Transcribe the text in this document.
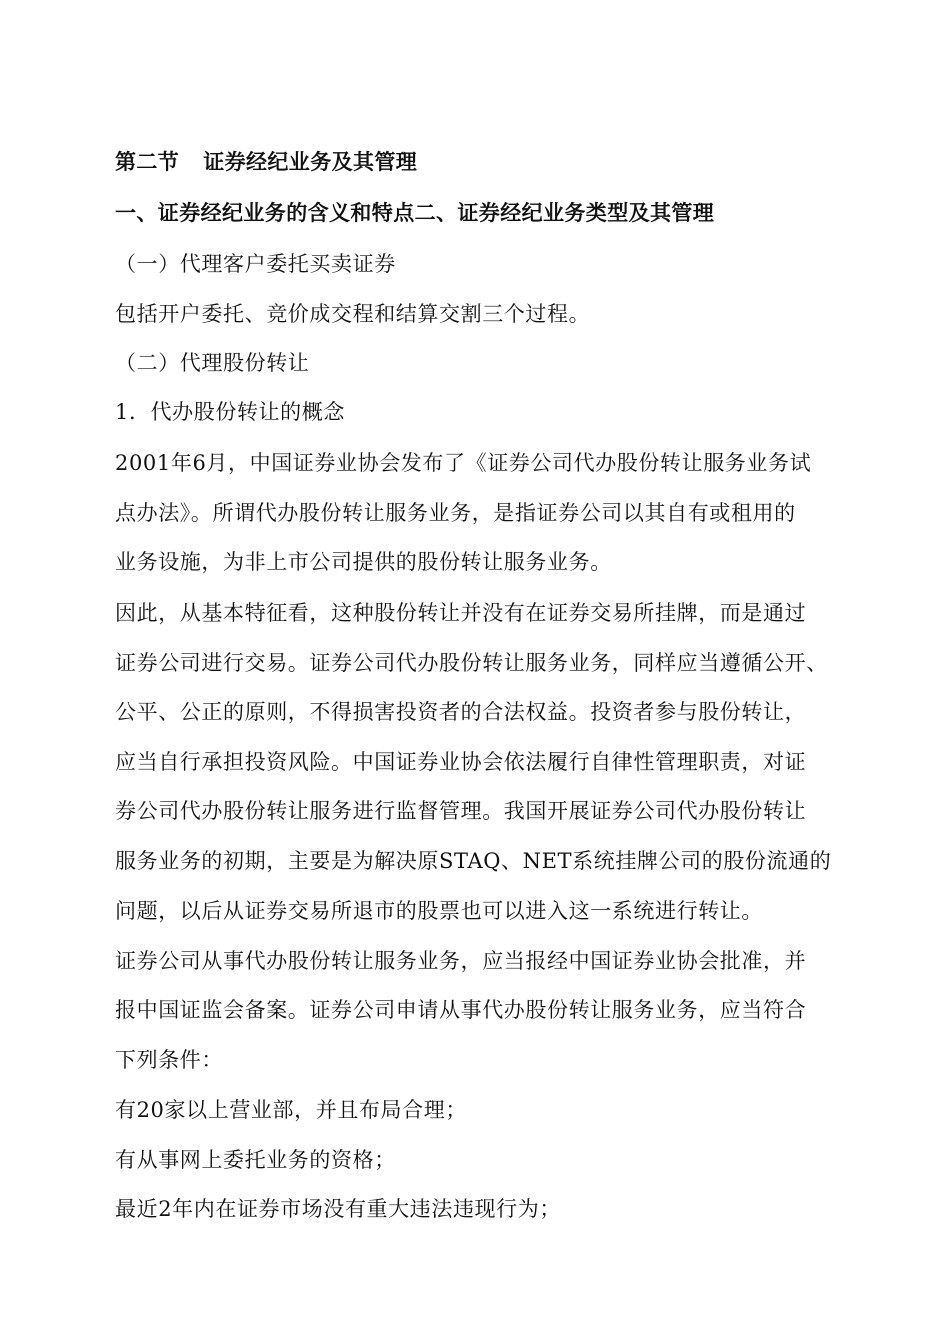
第二节 证券经纪业务及其管理
一、证券经纪业务的含义和特点二、证券经纪业务类型及其管理
（一）代理客户委托买卖证券
包括开户委托、竞价成交程和结算交割三个过程。
（二）代理股份转让
1．代办股份转让的概念
2001年6月，中国证券业协会发布了《证券公司代办股份转让服务业务试
点办法》。所谓代办股份转让服务业务，是指证券公司以其自有或租用的
业务设施，为非上市公司提供的股份转让服务业务。
因此，从基本特征看，这种股份转让并没有在证券交易所挂牌，而是通过
证券公司进行交易。证券公司代办股份转让服务业务，同样应当遵循公开、
公平、公正的原则，不得损害投资者的合法权益。投资者参与股份转让，
应当自行承担投资风险。中国证券业协会依法履行自律性管理职责，对证
券公司代办股份转让服务进行监督管理。我国开展证券公司代办股份转让
服务业务的初期，主要是为解决原STAQ、NET系统挂牌公司的股份流通的
问题，以后从证券交易所退市的股票也可以进入这一系统进行转让。
证券公司从事代办股份转让服务业务，应当报经中国证券业协会批准，并
报中国证监会备案。证券公司申请从事代办股份转让服务业务，应当符合
下列条件：
有20家以上营业部，并且布局合理；
有从事网上委托业务的资格；
最近2年内在证券市场没有重大违法违现行为；
